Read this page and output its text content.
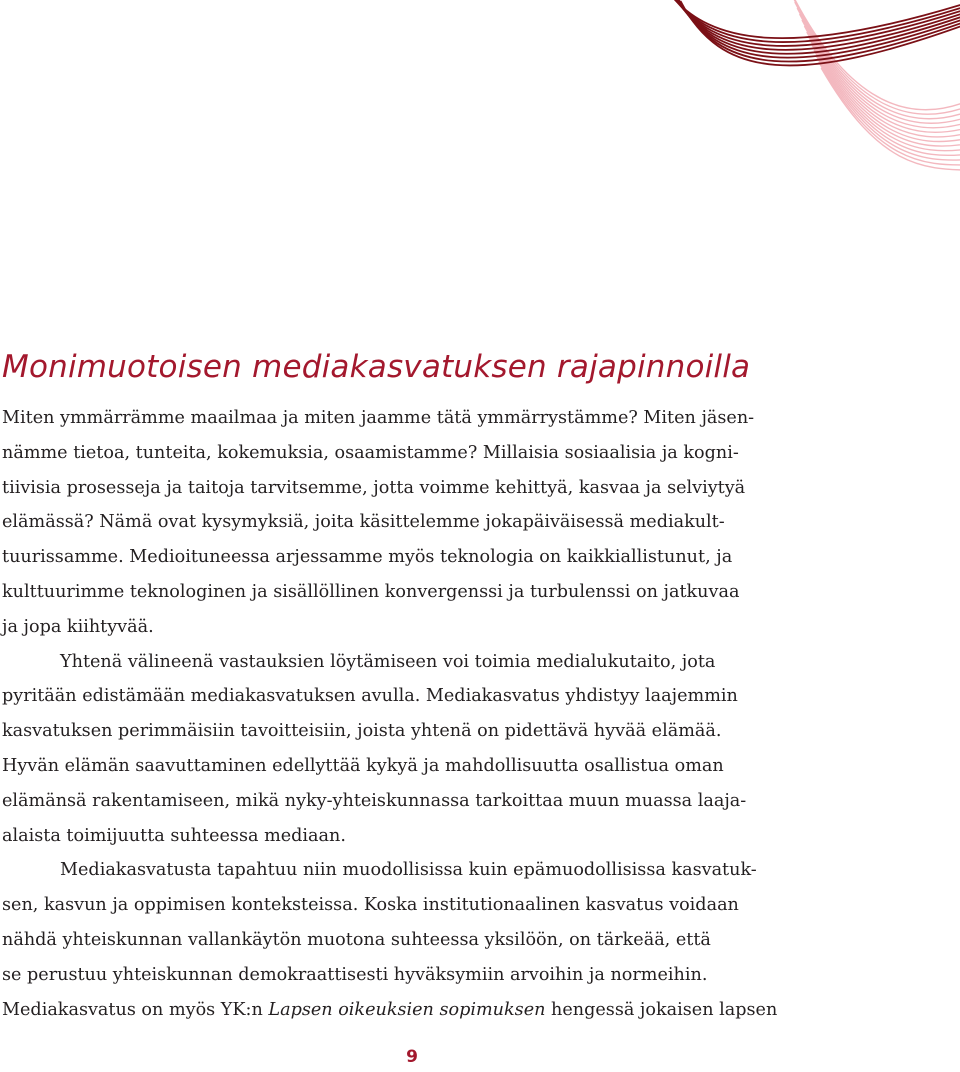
Monimuotoisen mediakasvatuksen rajapinnoilla
Miten ymmärrämme maailmaa ja miten jaamme tätä ymmärrystämme? Miten jäsen-
nämme tietoa, tunteita, kokemuksia, osaamistamme? Millaisia sosiaalisia ja kogni-
tiivisia prosesseja ja taitoja tarvitsemme, jotta voimme kehittyä, kasvaa ja selviytyä
elämässä? Nämä ovat kysymyksiä, joita käsittelemme jokapäiväisessä mediakult-
tuurissamme. Medioituneessa arjessamme myös teknologia on kaikkiallistunut, ja
kulttuurimme teknologinen ja sisällöllinen konvergenssi ja turbulenssi on jatkuvaa
ja jopa kiihtyvää.
Yhtenä välineenä vastauksien löytämiseen voi toimia medialukutaito, jota
pyritään edistämään mediakasvatuksen avulla. Mediakasvatus yhdistyy laajemmin
kasvatuksen perimmäisiin tavoitteisiin, joista yhtenä on pidettävä hyvää elämää.
Hyvän elämän saavuttaminen edellyttää kykyä ja mahdollisuutta osallistua oman
elämänsä rakentamiseen, mikä nyky-yhteiskunnassa tarkoittaa muun muassa laaja-
alaista toimijuutta suhteessa mediaan.
Mediakasvatusta tapahtuu niin muodollisissa kuin epämuodollisissa kasvatuk-
sen, kasvun ja oppimisen konteksteissa. Koska institutionaalinen kasvatus voidaan
nähdä yhteiskunnan vallankäytön muotona suhteessa yksilöön, on tärkeää, että
se perustuu yhteiskunnan demokraattisesti hyväksymiin arvoihin ja normeihin.
Mediakasvatus on myös YK:n Lapsen oikeuksien sopimuksen hengessä jokaisen lapsen
9
